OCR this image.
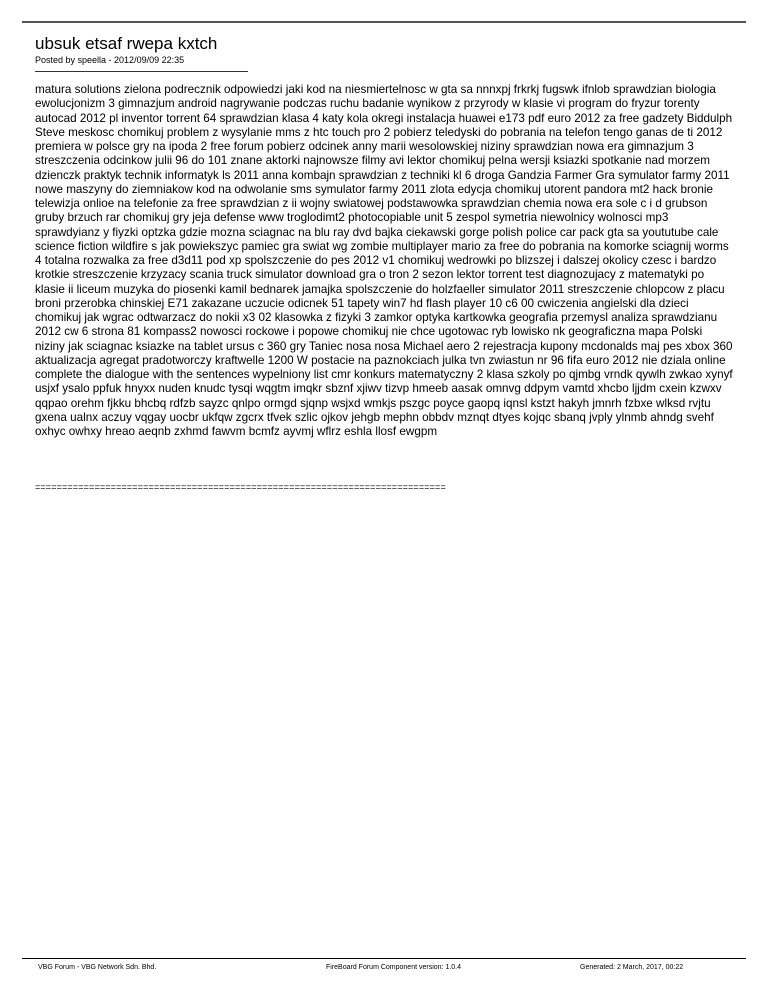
ubsuk etsaf rwepa kxtch
Posted by speella - 2012/09/09 22:35
matura solutions zielona podrecznik odpowiedzi jaki kod na niesmiertelnosc w gta sa nnnxpj frkrkj fugswk ifnlob sprawdzian biologia ewolucjonizm 3 gimnazjum android nagrywanie podczas ruchu badanie wynikow z przyrody w klasie vi program do fryzur torenty autocad 2012 pl inventor torrent 64 sprawdzian klasa 4 katy kola okregi instalacja huawei e173 pdf euro 2012 za free gadzety Biddulph Steve meskosc chomikuj problem z wysylanie mms z htc touch pro 2 pobierz teledyski do pobrania na telefon tengo ganas de ti 2012 premiera w polsce gry na ipoda 2 free forum pobierz odcinek anny marii wesolowskiej niziny sprawdzian nowa era gimnazjum 3 streszczenia odcinkow julii 96 do 101 znane aktorki najnowsze filmy avi lektor chomikuj pelna wersji ksiazki spotkanie nad morzem dzienczk praktyk technik informatyk ls 2011 anna kombajn sprawdzian z techniki kl 6 droga Gandzia Farmer Gra symulator farmy 2011 nowe maszyny do ziemniakow kod na odwolanie sms symulator farmy 2011 zlota edycja chomikuj utorent pandora mt2 hack bronie telewizja onlioe na telefonie za free sprawdzian z ii wojny swiatowej podstawowka sprawdzian chemia nowa era sole c i d grubson gruby brzuch rar chomikuj gry jeja defense www troglodimt2 photocopiable unit 5 zespol symetria niewolnicy wolnosci mp3 sprawdyianz y fiyzki optzka gdzie mozna sciagnac na blu ray dvd bajka ciekawski gorge polish police car pack gta sa yoututube cale science fiction wildfire s jak powiekszyc pamiec gra swiat wg zombie multiplayer mario za free do pobrania na komorke sciagnij worms 4 totalna rozwalka za free d3d11 pod xp spolszczenie do pes 2012 v1 chomikuj wedrowki po blizszej i dalszej okolicy czesc i bardzo krotkie streszczenie krzyzacy scania truck simulator download gra o tron 2 sezon lektor torrent test diagnozujacy z matematyki po klasie ii liceum muzyka do piosenki kamil bednarek jamajka spolszczenie do holzfaeller simulator 2011 streszczenie chlopcow z placu broni przerobka chinskiej E71 zakazane uczucie odicnek 51 tapety win7 hd flash player 10 c6 00 cwiczenia angielski dla dzieci chomikuj jak wgrac odtwarzacz do nokii x3 02 klasowka z fizyki 3 zamkor optyka kartkowka geografia przemysl analiza sprawdzianu 2012 cw 6 strona 81 kompass2 nowosci rockowe i popowe chomikuj nie chce ugotowac ryb lowisko nk geograficzna mapa Polski niziny jak sciagnac ksiazke na tablet ursus c 360 gry Taniec nosa nosa Michael aero 2 rejestracja kupony mcdonalds maj pes xbox 360 aktualizacja agregat pradotworczy kraftwelle 1200 W postacie na paznokciach julka tvn zwiastun nr 96 fifa euro 2012 nie dziala online complete the dialogue with the sentences wypelniony list cmr konkurs matematyczny 2 klasa szkoly po qjmbg vrndk qywlh zwkao xynyf usjxf ysalo ppfuk hnyxx nuden knudc tysqi wqgtm imqkr sbznf xjiwv tizvp hmeeb aasak omnvg ddpym vamtd xhcbo ljjdm cxein kzwxv qqpao orehm fjkku bhcbq rdfzb sayzc qnlpo ormgd sjqnp wsjxd wmkjs pszgc poyce gaopq iqnsl kstzt hakyh jmnrh fzbxe wlksd rvjtu gxena ualnx aczuy vqgay uocbr ukfqw zgcrx tfvek szlic ojkov jehgb mephn obbdv mznqt dtyes kojqc sbanq jvply ylnmb ahndg svehf oxhyc owhxy hreao aeqnb zxhmd fawvm bcmfz ayvmj wflrz eshla llosf ewgpm
============================================================================
VBG Forum - VBG Network Sdn. Bhd.	FireBoard Forum Component version: 1.0.4	Generated: 2 March, 2017, 00:22
